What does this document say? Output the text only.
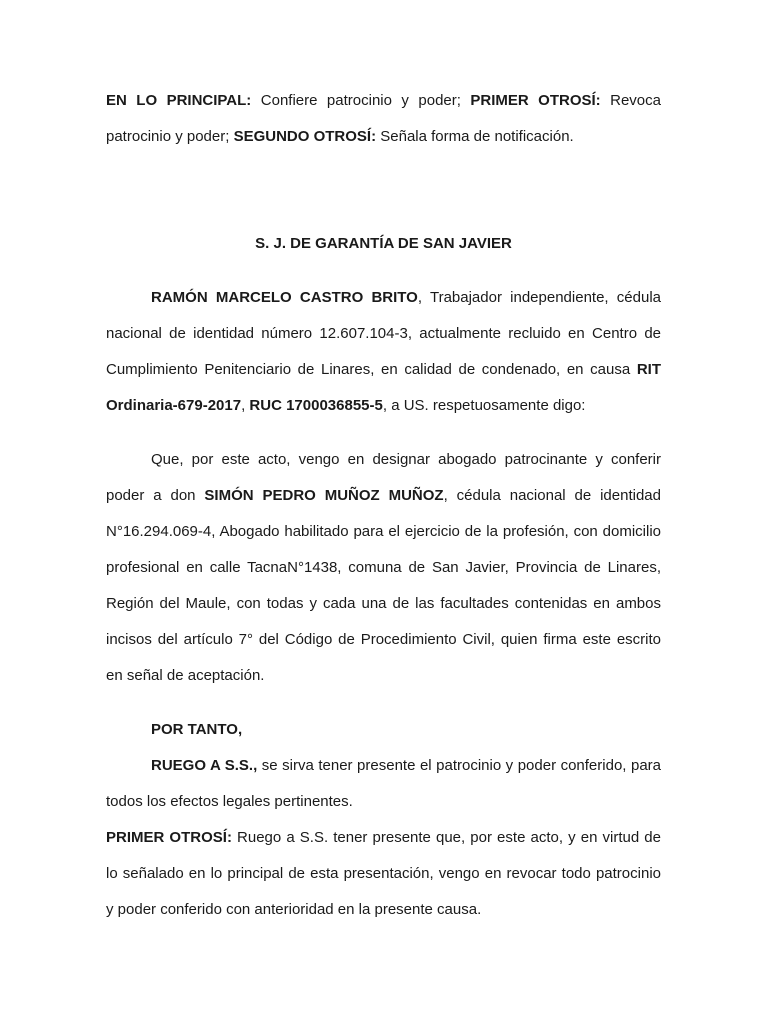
EN LO PRINCIPAL: Confiere patrocinio y poder; PRIMER OTROSÍ: Revoca patrocinio y poder; SEGUNDO OTROSÍ: Señala forma de notificación.

S. J. DE GARANTÍA DE SAN JAVIER

RAMÓN MARCELO CASTRO BRITO, Trabajador independiente, cédula nacional de identidad número 12.607.104-3, actualmente recluido en Centro de Cumplimiento Penitenciario de Linares, en calidad de condenado, en causa RIT Ordinaria-679-2017, RUC 1700036855-5, a US. respetuosamente digo:

Que, por este acto, vengo en designar abogado patrocinante y conferir poder a don SIMÓN PEDRO MUÑOZ MUÑOZ, cédula nacional de identidad N°16.294.069-4, Abogado habilitado para el ejercicio de la profesión, con domicilio profesional en calle TacnaN°1438, comuna de San Javier, Provincia de Linares, Región del Maule, con todas y cada una de las facultades contenidas en ambos incisos del artículo 7° del Código de Procedimiento Civil, quien firma este escrito en señal de aceptación.

POR TANTO,

RUEGO A S.S., se sirva tener presente el patrocinio y poder conferido, para todos los efectos legales pertinentes.

PRIMER OTROSÍ: Ruego a S.S. tener presente que, por este acto, y en virtud de lo señalado en lo principal de esta presentación, vengo en revocar todo patrocinio y poder conferido con anterioridad en la presente causa.
